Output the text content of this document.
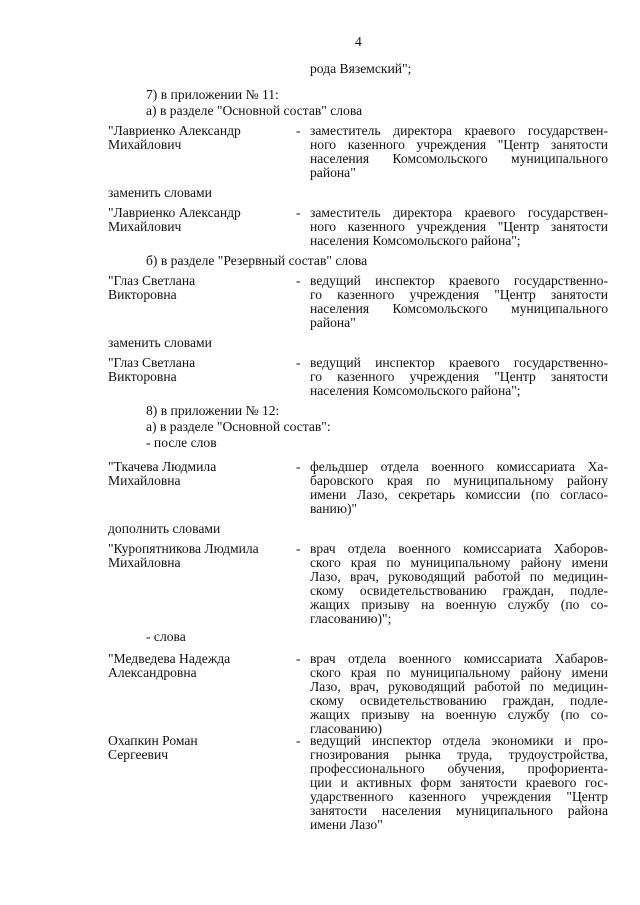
4
рода Вяземский";
7) в приложении № 11:
а) в разделе "Основной состав" слова
"Лавриенко Александр
Михайлович
- заместитель директора краевого государствен-
ного казенного учреждения "Центр занятости
населения Комсомольского муниципального
района"
заменить словами
"Лавриенко Александр
Михайлович
- заместитель директора краевого государствен-
ного казенного учреждения "Центр занятости
населения Комсомольского района";
б) в разделе "Резервный состав" слова
"Глаз Светлана
Викторовна
- ведущий инспектор краевого государственно-
го казенного учреждения "Центр занятости
населения Комсомольского муниципального
района"
заменить словами
"Глаз Светлана
Викторовна
- ведущий инспектор краевого государственно-
го казенного учреждения "Центр занятости
населения Комсомольского района";
8) в приложении № 12:
а) в разделе "Основной состав":
- после слов
"Ткачева Людмила
Михайловна
- фельдшер отдела военного комиссариата Ха-
баровского края по муниципальному району
имени Лазо, секретарь комиссии (по согласо-
ванию)"
дополнить словами
"Куропятникова Людмила
Михайловна
- врач отдела военного комиссариата Хаборов-
ского края по муниципальному району имени
Лазо, врач, руководящий работой по медицин-
скому освидетельствованию граждан, подле-
жащих призыву на военную службу (по со-
гласованию)";
- слова
"Медведева Надежда
Александровна
- врач отдела военного комиссариата Хабаров-
ского края по муниципальному району имени
Лазо, врач, руководящий работой по медицин-
скому освидетельствованию граждан, подле-
жащих призыву на военную службу (по со-
гласованию)
Охапкин Роман
Сергеевич
- ведущий инспектор отдела экономики и про-
гнозирования рынка труда, трудоустройства,
профессионального обучения, профориента-
ции и активных форм занятости краевого гос-
ударственного казенного учреждения "Центр
занятости населения муниципального района
имени Лазо"
